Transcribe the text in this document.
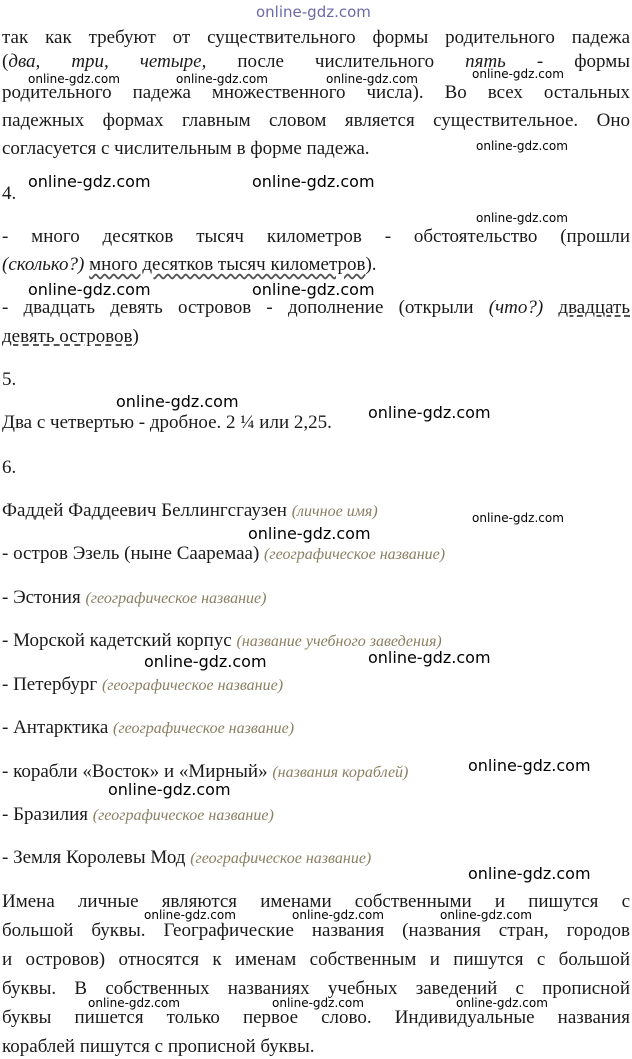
так как требуют от существительного формы родительного падежа
(два, три, четыре, после числительного пять - формы
родительного падежа множественного числа). Во всех остальных
падежных формах главным словом является существительное. Оно
согласуется с числительным в форме падежа.
4.
- много десятков тысяч километров - обстоятельство (прошли
(сколько?) много десятков тысяч километров).
- двадцать девять островов - дополнение (открыли (что?) двадцать
девять островов)
5.
Два с четвертью - дробное. 2 ¼ или 2,25.
6.
Фаддей Фаддеевич Беллингсгаузен (личное имя)
- остров Эзель (ныне Сааремаа) (географическое название)
- Эстония (географическое название)
- Морской кадетский корпус (название учебного заведения)
- Петербург (географическое название)
- Антарктика (географическое название)
- корабли «Восток» и «Мирный» (названия кораблей)
- Бразилия (географическое название)
- Земля Королевы Мод (географическое название)
Имена личные являются именами собственными и пишутся с
большой буквы. Географические названия (названия стран, городов
и островов) относятся к именам собственным и пишутся с большой
буквы. В собственных названиях учебных заведений с прописной
буквы пишется только первое слово. Индивидуальные названия
кораблей пишутся с прописной буквы.
online-gdz.com
online-gdz.com	online-gdz.com	online-gdz.com	online-gdz.com
online-gdz.com
online-gdz.com
online-gdz.com
online-gdz.com	online-gdz.com	online-gdz.com
online-gdz.com	online-gdz.com	online-gdz.com
online-gdz.com	online-gdz.com
online-gdz.com	online-gdz.com
online-gdz.com
online-gdz.com
online-gdz.com
online-gdz.com	online-gdz.com
online-gdz.com
online-gdz.com
online-gdz.com
